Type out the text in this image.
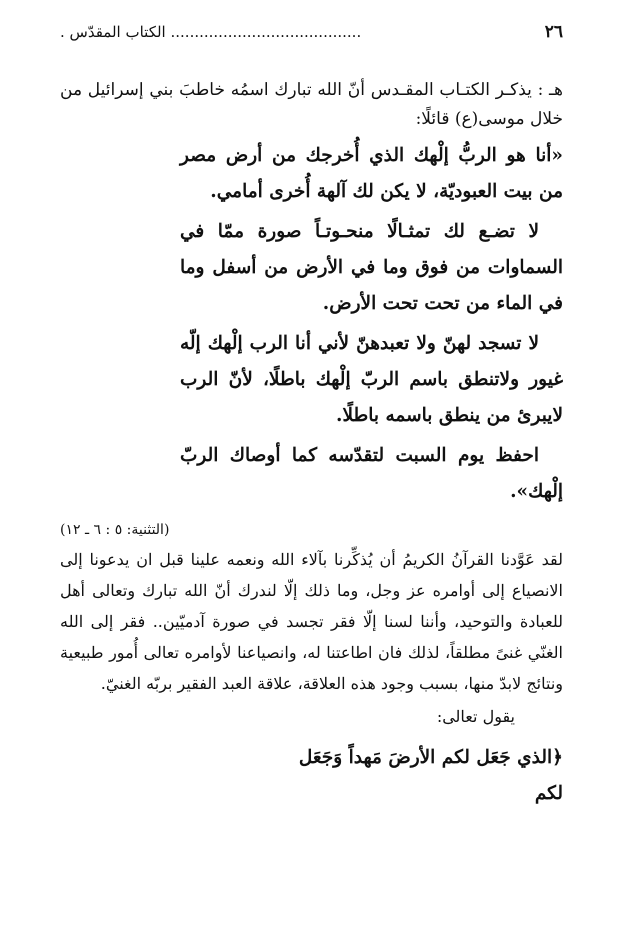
٢٦
........................................ الكتاب المقدّس .

هـ : يذكـر الكتـاب المقـدس أنّ الله تبارك اسمُه خاطبَ بني إسرائيل من خلال موسى(ع) قائلًا:

«أنا هو الربُّ إلْهك الذي أُخرجك من أرض مصر من بيت العبوديّة، لا يكن لك آلهة أُخرى أمامي.

لا تضـع لك تمثـالًا منحـوتـاً صورة ممّا في السماوات من فوق وما في الأرض من أسفل وما في الماء من تحت تحت الأرض.

لا تسجد لهنّ ولا تعبدهنّ لأني أنا الرب إلْهك إلّه غيور ولاتنطق باسم الربّ إلْهك باطلًا، لأنّ الرب لايبرئ من ينطق باسمه باطلًا.

احفظ يوم السبت لتقدّسه كما أوصاك الربّ إلْهك».

(التثنية: ٥ : ٦ ـ ١٢)

لقد عَوَّدنا القرآنُ الكريمُ أن يُذكِّرنا بآلاء الله ونعمه علينا قبل ان يدعونا إلى الانصياع إلى أوامره عز وجل، وما ذلك إلّا لندرك أنّ الله تبارك وتعالى أهل للعبادة والتوحيد، وأننا لسنا إلّا فقر تجسد في صورة آدميّين.. فقر إلى الله الغنّي غنىً مطلقاً، لذلك فان اطاعتنا له، وانصياعنا لأوامره تعالى أُمور طبيعية ونتائج لابدّ منها، بسبب وجود هذه العلاقة، علاقة العبد الفقير بربّه الغنيّ.

يقول تعالى:

﴿الذي جَعَل لكم الأرضَ مَهداً وَجَعَل لكم
